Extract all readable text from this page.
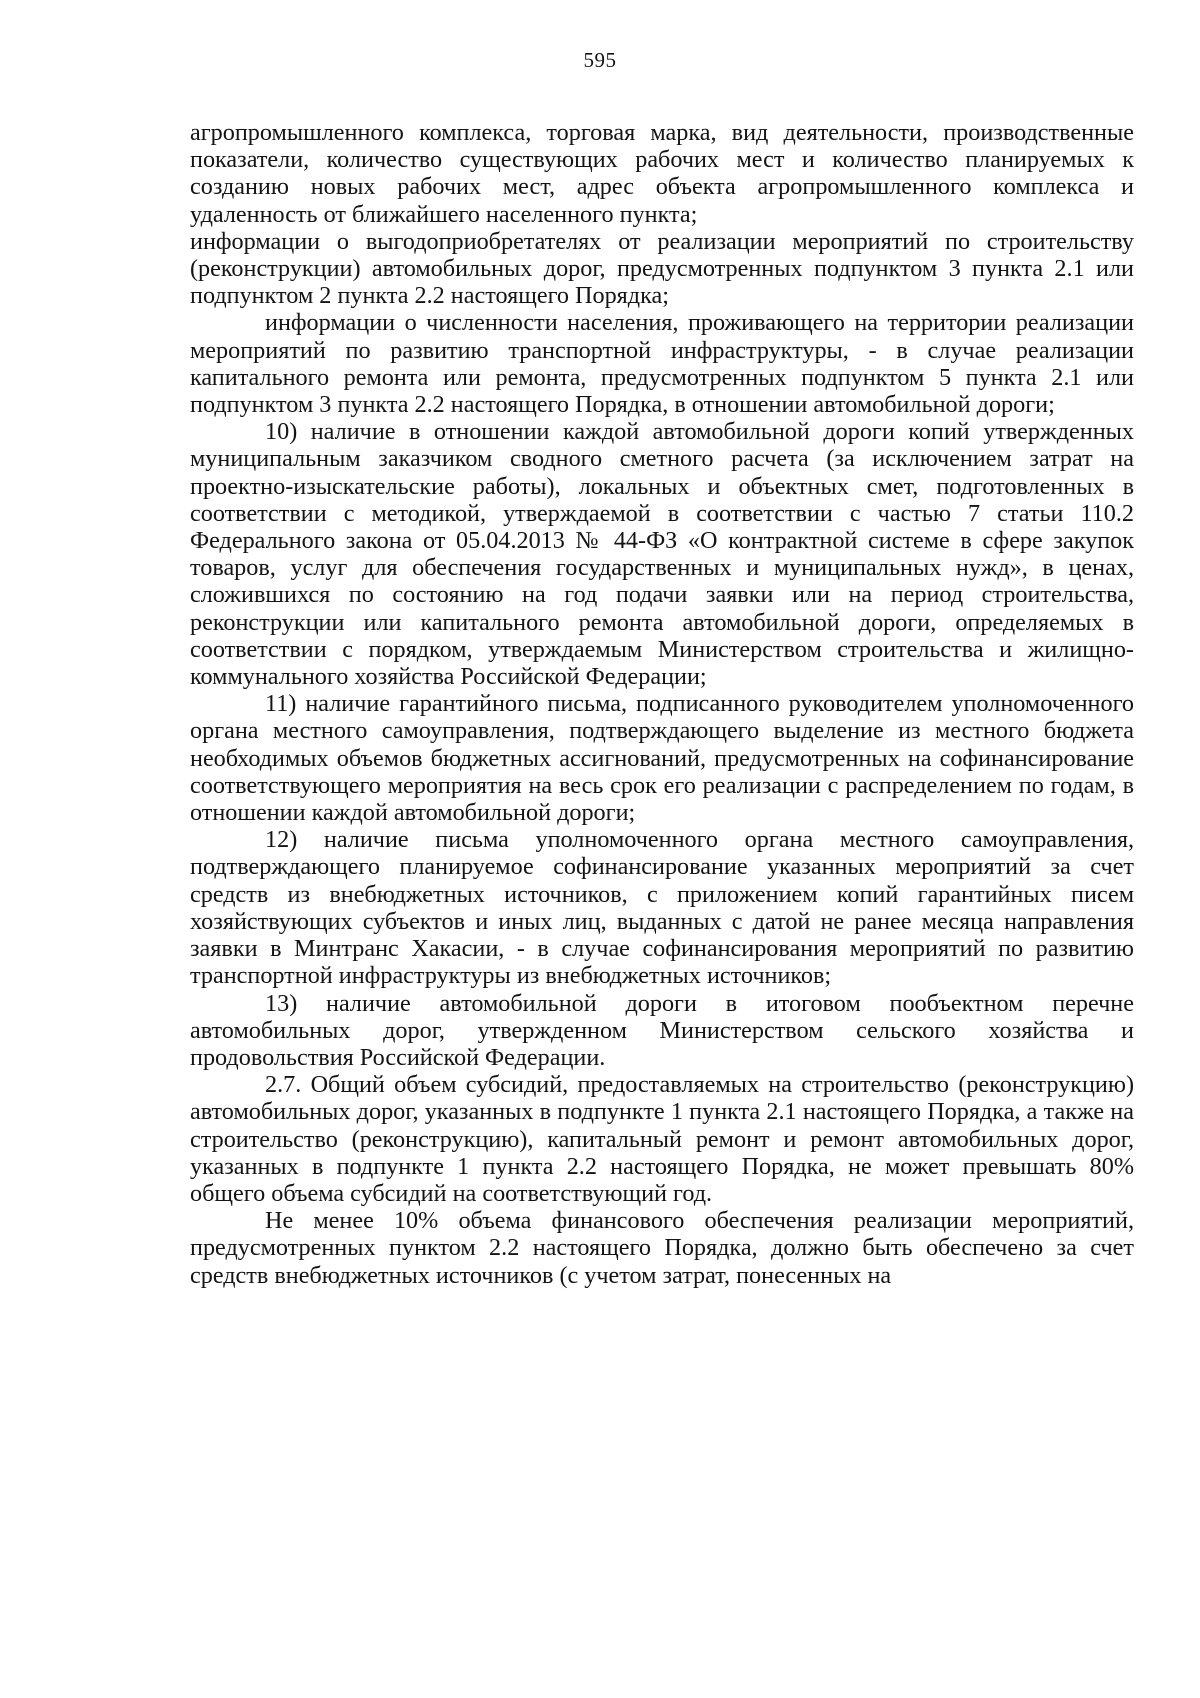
595

агропромышленного комплекса, торговая марка, вид деятельности, производственные показатели, количество существующих рабочих мест и количество планируемых к созданию новых рабочих мест, адрес объекта агропромышленного комплекса и удаленность от ближайшего населенного пункта;

информации о выгодоприобретателях от реализации мероприятий по строительству (реконструкции) автомобильных дорог, предусмотренных подпунктом 3 пункта 2.1 или подпунктом 2 пункта 2.2 настоящего Порядка;

информации о численности населения, проживающего на территории реализации мероприятий по развитию транспортной инфраструктуры, - в случае реализации капитального ремонта или ремонта, предусмотренных подпунктом 5 пункта 2.1 или подпунктом 3 пункта 2.2 настоящего Порядка, в отношении автомобильной дороги;

10) наличие в отношении каждой автомобильной дороги копий утвержденных муниципальным заказчиком сводного сметного расчета (за исключением затрат на проектно-изыскательские работы), локальных и объектных смет, подготовленных в соответствии с методикой, утверждаемой в соответствии с частью 7 статьи 110.2 Федерального закона от 05.04.2013 № 44-ФЗ «О контрактной системе в сфере закупок товаров, услуг для обеспечения государственных и муниципальных нужд», в ценах, сложившихся по состоянию на год подачи заявки или на период строительства, реконструкции или капитального ремонта автомобильной дороги, определяемых в соответствии с порядком, утверждаемым Министерством строительства и жилищно-коммунального хозяйства Российской Федерации;

11) наличие гарантийного письма, подписанного руководителем уполномоченного органа местного самоуправления, подтверждающего выделение из местного бюджета необходимых объемов бюджетных ассигнований, предусмотренных на софинансирование соответствующего мероприятия на весь срок его реализации с распределением по годам, в отношении каждой автомобильной дороги;

12) наличие письма уполномоченного органа местного самоуправления, подтверждающего планируемое софинансирование указанных мероприятий за счет средств из внебюджетных источников, с приложением копий гарантийных писем хозяйствующих субъектов и иных лиц, выданных с датой не ранее месяца направления заявки в Минтранс Хакасии, - в случае софинансирования мероприятий по развитию транспортной инфраструктуры из внебюджетных источников;

13) наличие автомобильной дороги в итоговом пообъектном перечне автомобильных дорог, утвержденном Министерством сельского хозяйства и продовольствия Российской Федерации.

2.7. Общий объем субсидий, предоставляемых на строительство (реконструкцию) автомобильных дорог, указанных в подпункте 1 пункта 2.1 настоящего Порядка, а также на строительство (реконструкцию), капитальный ремонт и ремонт автомобильных дорог, указанных в подпункте 1 пункта 2.2 настоящего Порядка, не может превышать 80% общего объема субсидий на соответствующий год.

Не менее 10% объема финансового обеспечения реализации мероприятий, предусмотренных пунктом 2.2 настоящего Порядка, должно быть обеспечено за счет средств внебюджетных источников (с учетом затрат, понесенных на
